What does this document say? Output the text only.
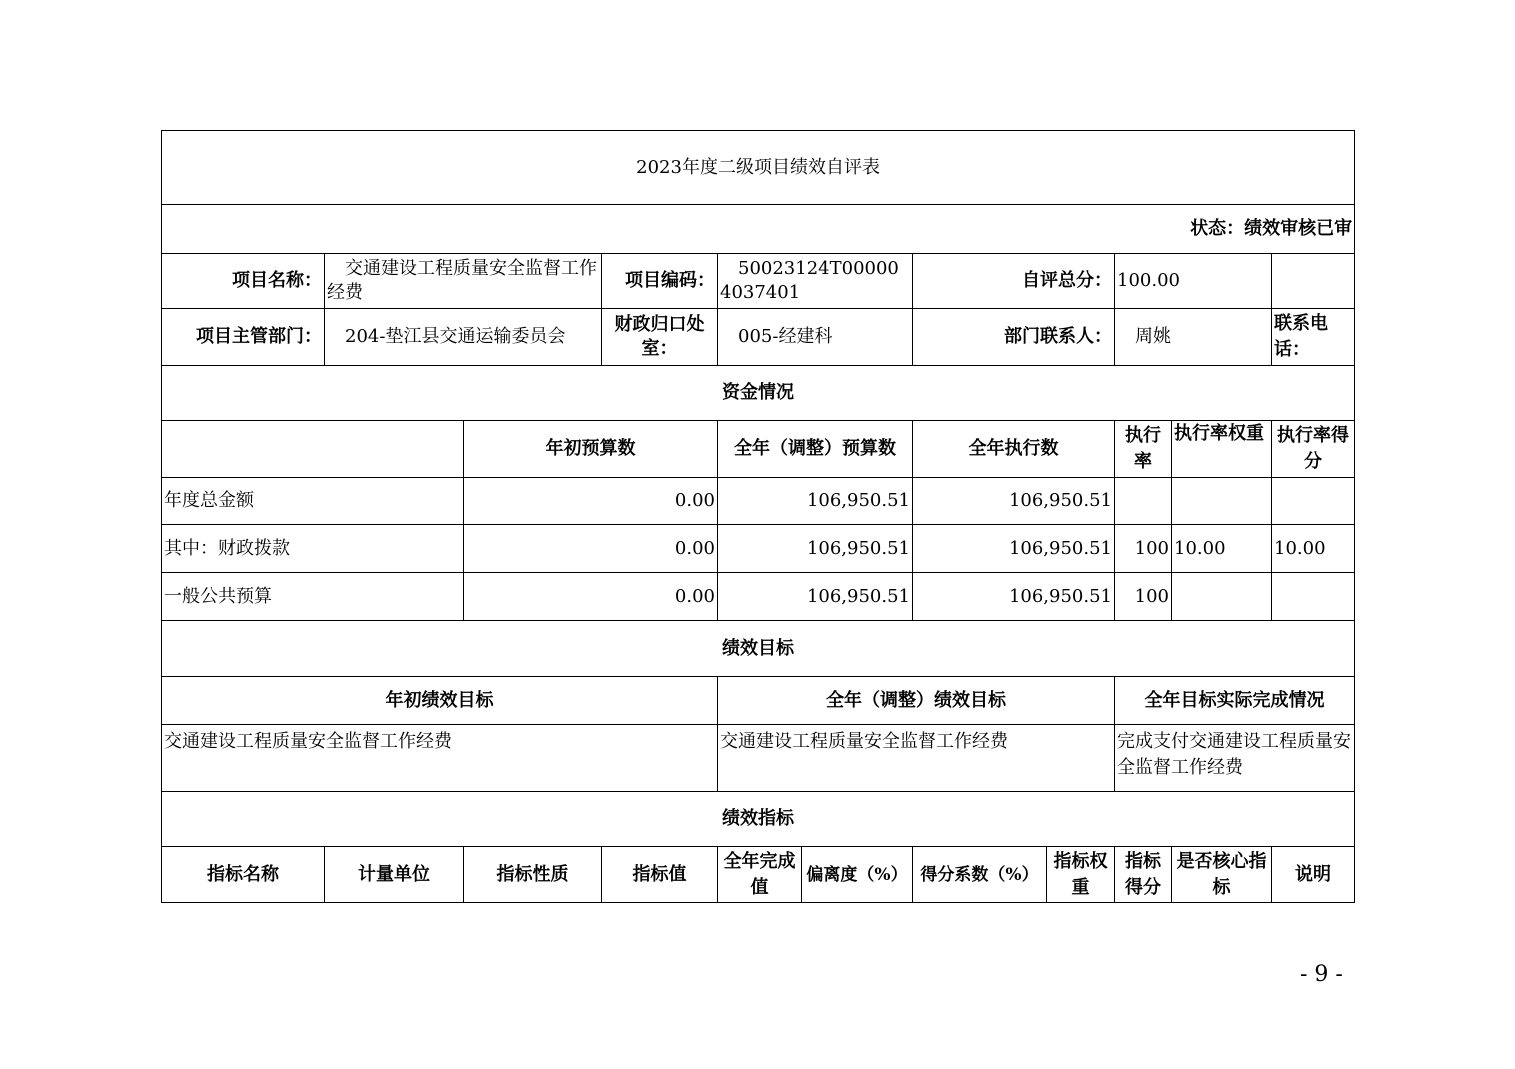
2023年度二级项目绩效自评表											
状态：绩效审核已审											
项目名称：	交通建设工程质量安全监督工作经费		项目编码：	50023124T000004037401		自评总分：		100.00			
项目主管部门：	204-垫江县交通运输委员会		财政归口处室：	005-经建科		部门联系人：		周姚		联系电话：	
资金情况											
		年初预算数		全年（调整）预算数		全年执行数		执行率	执行率权重	执行率得分	
年度总金额		0.00		106,950.51		106,950.51					
其中：财政拨款		0.00		106,950.51		106,950.51		100	10.00	10.00	
一般公共预算		0.00		106,950.51		106,950.51		100			
绩效目标											
年初绩效目标				全年（调整）绩效目标				全年目标实际完成情况			
交通建设工程质量安全监督工作经费				交通建设工程质量安全监督工作经费				完成支付交通建设工程质量安全监督工作经费			
绩效指标											
指标名称	计量单位	指标性质	指标值	全年完成值	偏离度（%）	得分系数（%）	指标权重	指标得分	是否核心指标	说明	
- 9 -
